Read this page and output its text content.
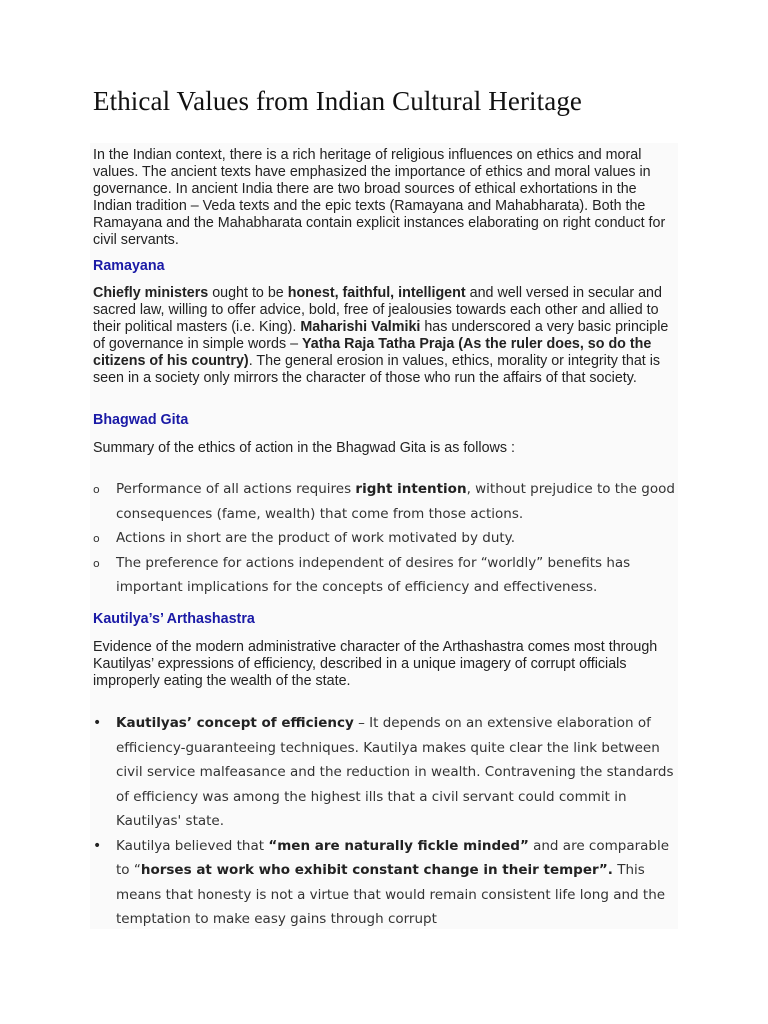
Ethical Values from Indian Cultural Heritage

In the Indian context, there is a rich heritage of religious influences on ethics and moral values. The ancient texts have emphasized the importance of ethics and moral values in governance. In ancient India there are two broad sources of ethical exhortations in the Indian tradition – Veda texts and the epic texts (Ramayana and Mahabharata). Both the Ramayana and the Mahabharata contain explicit instances elaborating on right conduct for civil servants.

Ramayana

Chiefly ministers ought to be honest, faithful, intelligent and well versed in secular and sacred law, willing to offer advice, bold, free of jealousies towards each other and allied to their political masters (i.e. King). Maharishi Valmiki has underscored a very basic principle of governance in simple words – Yatha Raja Tatha Praja (As the ruler does, so do the citizens of his country). The general erosion in values, ethics, morality or integrity that is seen in a society only mirrors the character of those who run the affairs of that society.

Bhagwad Gita

Summary of the ethics of action in the Bhagwad Gita is as follows :

o Performance of all actions requires right intention, without prejudice to the good consequences (fame, wealth) that come from those actions.
o Actions in short are the product of work motivated by duty.
o The preference for actions independent of desires for “worldly” benefits has important implications for the concepts of efficiency and effectiveness.
Kautilya’s’ Arthashastra

Evidence of the modern administrative character of the Arthashastra comes most through Kautilyas’ expressions of efficiency, described in a unique imagery of corrupt officials improperly eating the wealth of the state.

• Kautilyas’ concept of efficiency – It depends on an extensive elaboration of efficiency-guaranteeing techniques. Kautilya makes quite clear the link between civil service malfeasance and the reduction in wealth. Contravening the standards of efficiency was among the highest ills that a civil servant could commit in Kautilyas' state.
• Kautilya believed that “men are naturally fickle minded” and are comparable to “horses at work who exhibit constant change in their temper”. This means that honesty is not a virtue that would remain consistent life long and the temptation to make easy gains through corrupt
